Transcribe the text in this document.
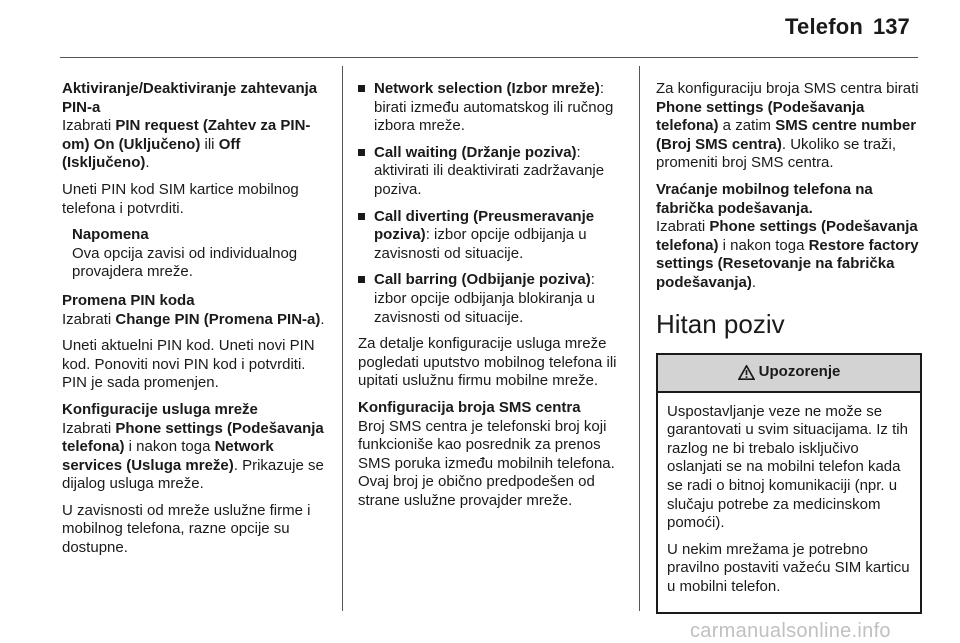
Telefon 137
Aktiviranje/Deaktiviranje zahtevanja PIN-a

Izabrati PIN request (Zahtev za PIN-om) On (Uključeno) ili Off (Isključeno).

Uneti PIN kod SIM kartice mobilnog telefona i potvrditi.

Napomena
Ova opcija zavisi od individualnog provajdera mreže.
Promena PIN koda

Izabrati Change PIN (Promena PIN-a).

Uneti aktuelni PIN kod. Uneti novi PIN kod. Ponoviti novi PIN kod i potvrditi. PIN je sada promenjen.

Konfiguracije usluga mreže

Izabrati Phone settings (Podešavanja telefona) i nakon toga Network services (Usluga mreže). Prikazuje se dijalog usluga mreže.

U zavisnosti od mreže uslužne firme i mobilnog telefona, razne opcije su dostupne.

Network selection (Izbor mreže): birati između automatskog ili ručnog izbora mreže.
Call waiting (Držanje poziva): aktivirati ili deaktivirati zadržavanje poziva.
Call diverting (Preusmeravanje poziva): izbor opcije odbijanja u zavisnosti od situacije.
Call barring (Odbijanje poziva): izbor opcije odbijanja blokiranja u zavisnosti od situacije.

Za detalje konfiguracije usluga mreže pogledati uputstvo mobilnog telefona ili upitati uslužnu firmu mobilne mreže.

Konfiguracija broja SMS centra

Broj SMS centra je telefonski broj koji funkcioniše kao posrednik za prenos SMS poruka između mobilnih telefona. Ovaj broj je obično predpodešen od strane uslužne provajder mreže.

Za konfiguraciju broja SMS centra birati Phone settings (Podešavanja telefona) a zatim SMS centre number (Broj SMS centra). Ukoliko se traži, promeniti broj SMS centra.

Vraćanje mobilnog telefona na fabrička podešavanja.

Izabrati Phone settings (Podešavanja telefona) i nakon toga Restore factory settings (Resetovanje na fabrička podešavanja).

Hitan poziv
Upozorenje

Uspostavljanje veze ne može se garantovati u svim situacijama. Iz tih razlog ne bi trebalo isključivo oslanjati se na mobilni telefon kada se radi o bitnoj komunikaciji (npr. u slučaju potrebe za medicinskom pomoći).

U nekim mrežama je potrebno pravilno postaviti važeću SIM karticu u mobilni telefon.

carmanualsonline.info
